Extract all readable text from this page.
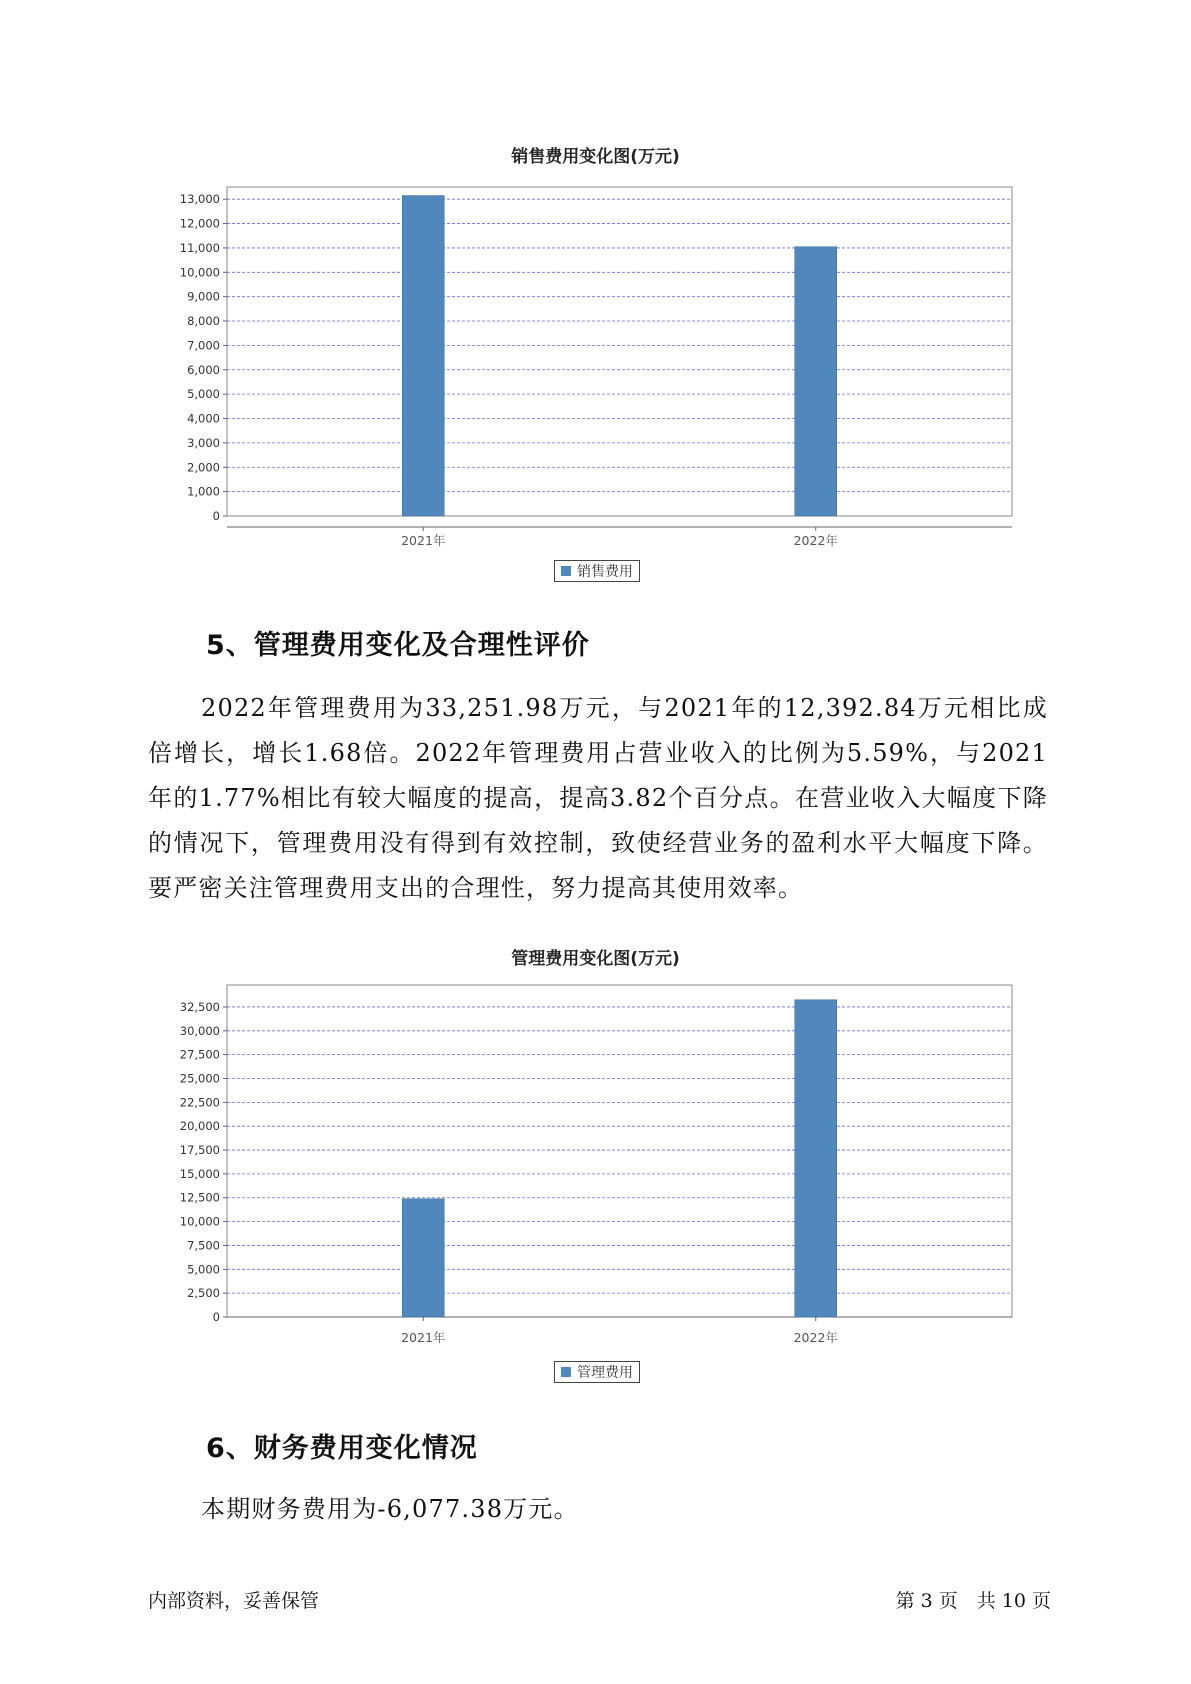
销售费用变化图(万元)
0
1,000
2,000
3,000
4,000
5,000
6,000
7,000
8,000
9,000
10,000
11,000
12,000
13,000
2021年	2022年
销售费用
5、管理费用变化及合理性评价

2022年管理费用为33,251.98万元，与2021年的12,392.84万元相比成倍增长，增长1.68倍。2022年管理费用占营业收入的比例为5.59%，与2021年的1.77%相比有较大幅度的提高，提高3.82个百分点。在营业收入大幅度下降的情况下，管理费用没有得到有效控制，致使经营业务的盈利水平大幅度下降。要严密关注管理费用支出的合理性，努力提高其使用效率。

管理费用变化图(万元)
0
2,500
5,000
7,500
10,000
12,500
15,000
17,500
20,000
22,500
25,000
27,500
30,000
32,500
2021年	2022年
管理费用
6、财务费用变化情况

本期财务费用为-6,077.38万元。

内部资料，妥善保管	第 3 页　共 10 页
